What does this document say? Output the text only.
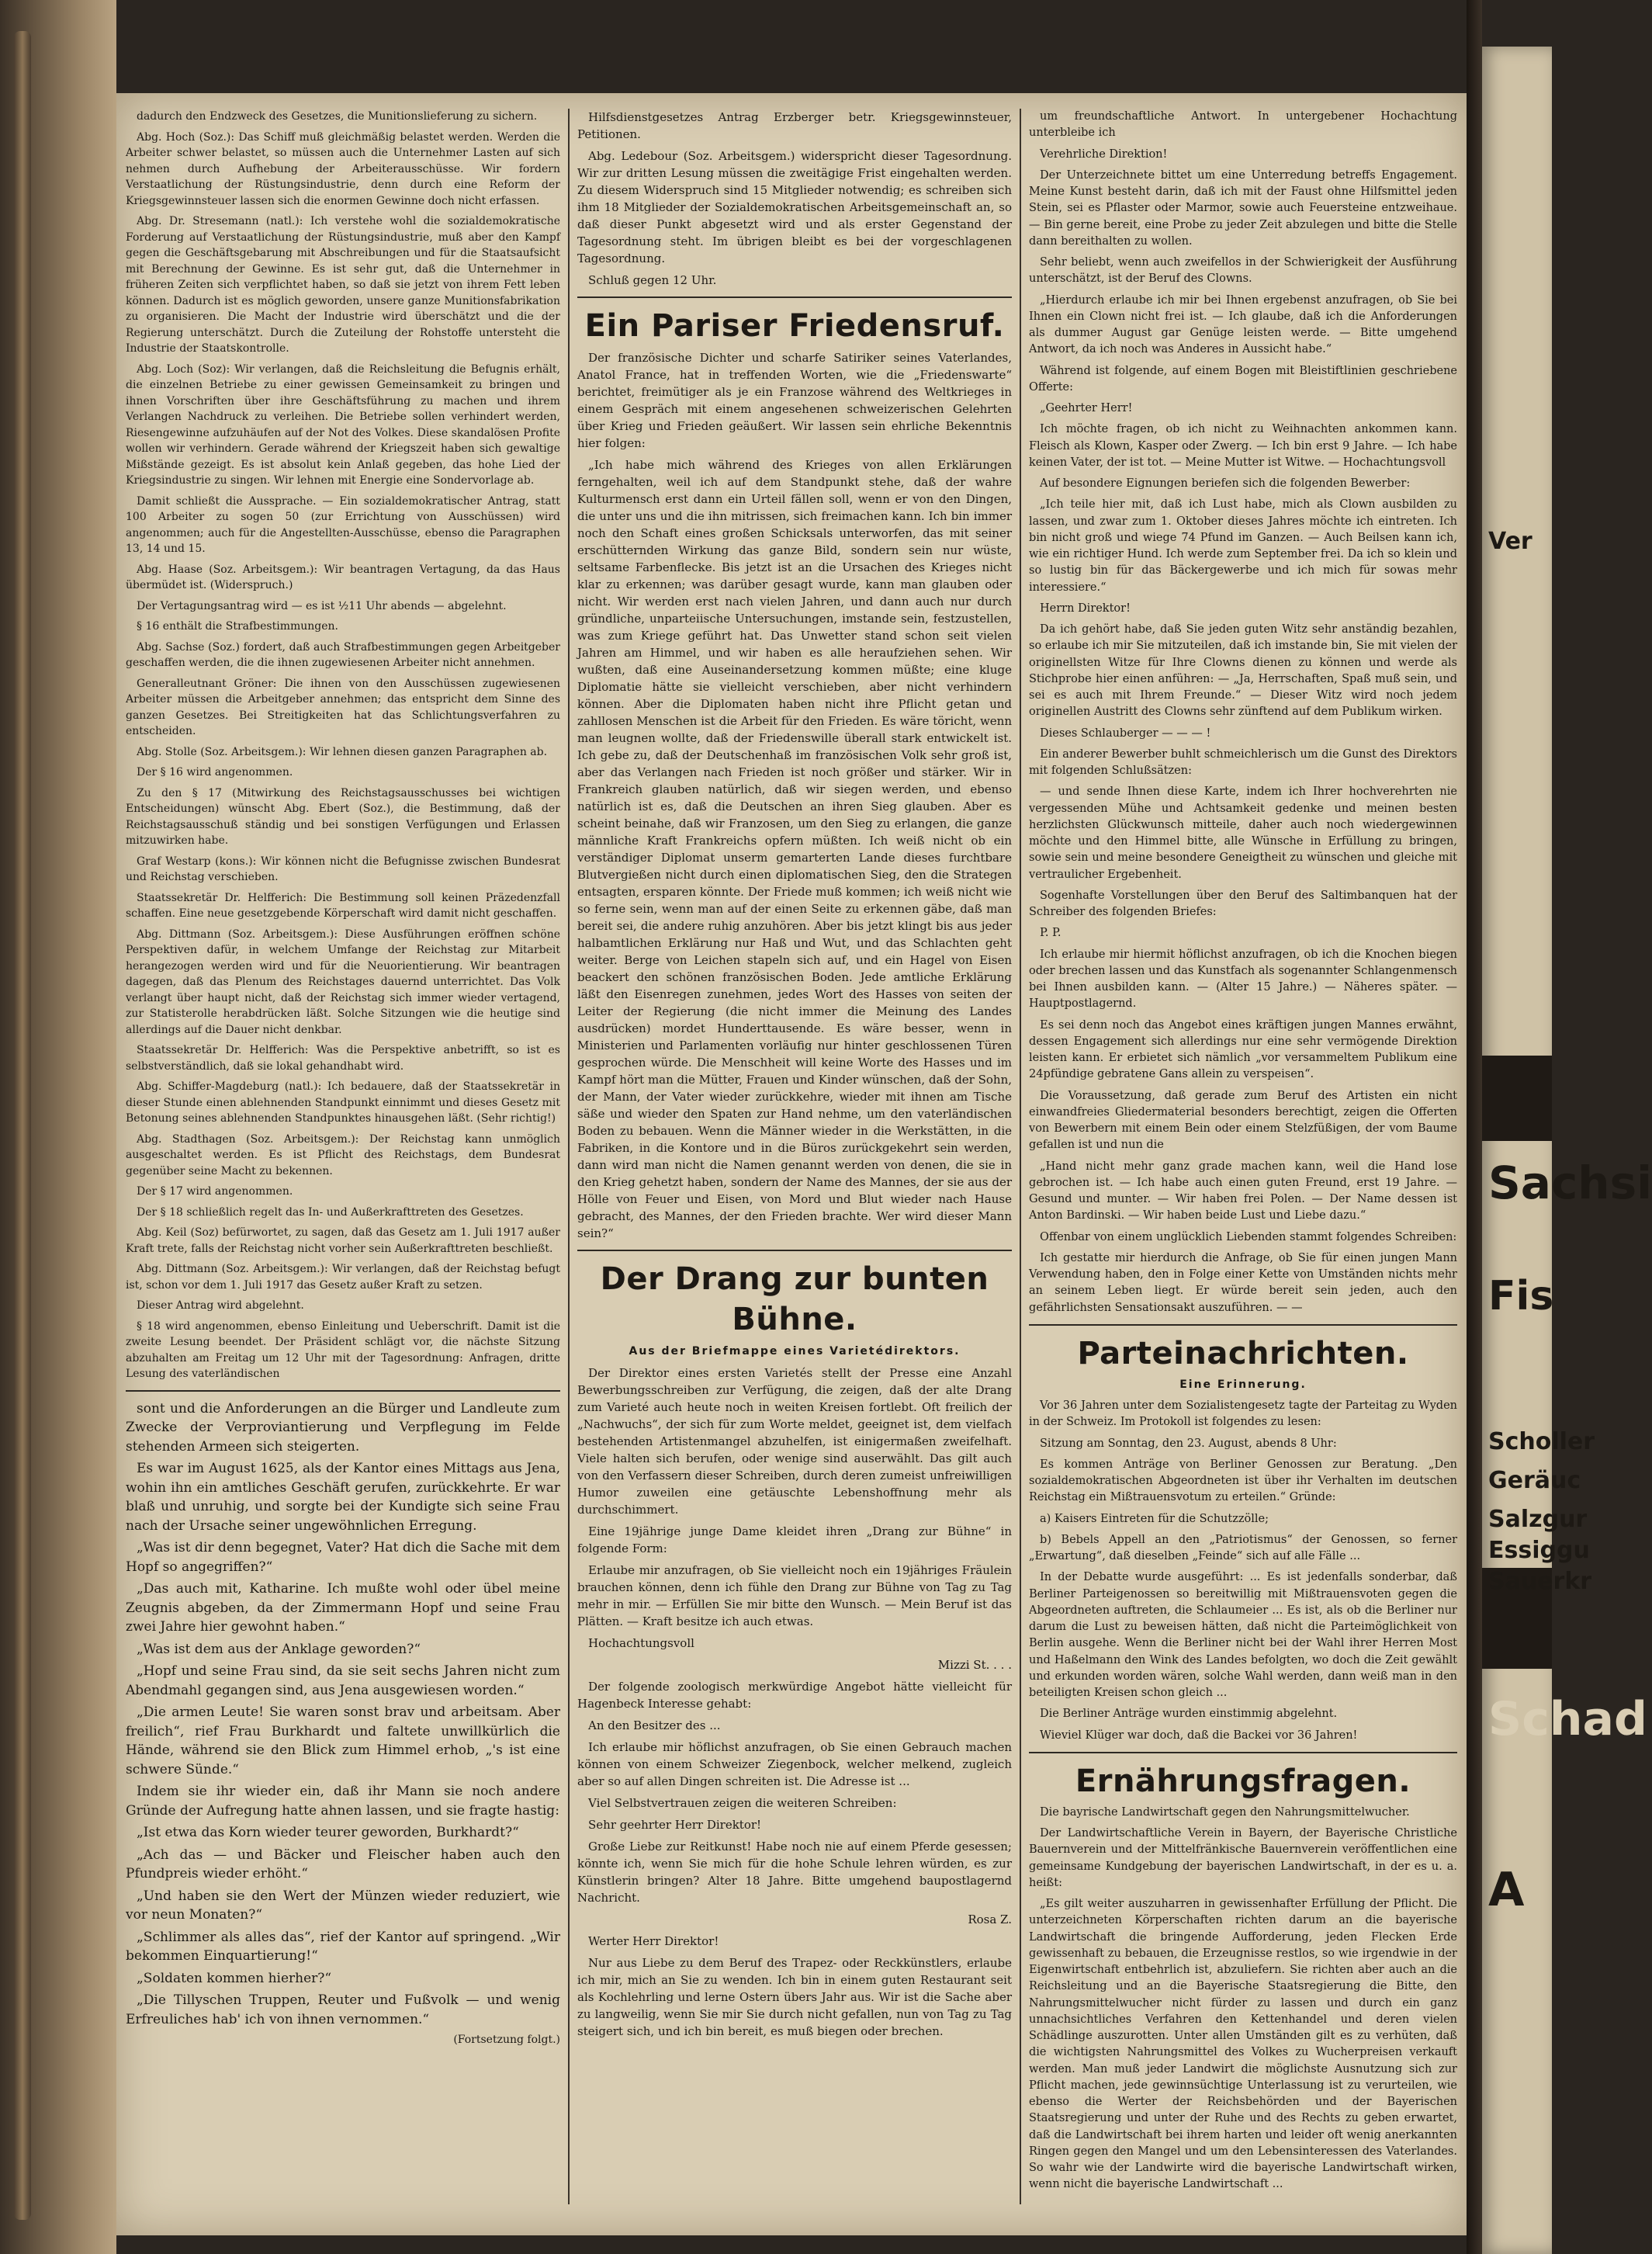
dadurch den Endzweck des Gesetzes, die Munitionslieferung zu sichern.

Abg. Hoch (Soz.): Das Schiff muß gleichmäßig belastet werden. Werden die Arbeiter schwer belastet, so müssen auch die Unternehmer Lasten auf sich nehmen durch Aufhebung der Arbeiterausschüsse. Wir fordern Verstaatlichung der Rüstungsindustrie, denn durch eine Reform der Kriegsgewinnsteuer lassen sich die enormen Gewinne doch nicht erfassen.

Abg. Dr. Stresemann (natl.): Ich verstehe wohl die sozialdemokratische Forderung auf Verstaatlichung der Rüstungsindustrie, muß aber den Kampf gegen die Geschäftsgebarung mit Abschreibungen und für die Staatsaufsicht mit Berechnung der Gewinne. Es ist sehr gut, daß die Unternehmer in früheren Zeiten sich verpflichtet haben, so daß sie jetzt von ihrem Fett leben können. Dadurch ist es möglich geworden, unsere ganze Munitionsfabrikation zu organisieren. Die Macht der Industrie wird überschätzt und die der Regierung unterschätzt. Durch die Zuteilung der Rohstoffe untersteht die Industrie der Staatskontrolle.

Abg. Loch (Soz): Wir verlangen, daß die Reichsleitung die Befugnis erhält, die einzelnen Betriebe zu einer gewissen Gemeinsamkeit zu bringen und ihnen Vorschriften über ihre Geschäftsführung zu machen und ihrem Verlangen Nachdruck zu verleihen. Die Betriebe sollen verhindert werden, Riesengewinne aufzuhäufen auf der Not des Volkes. Diese skandalösen Profite wollen wir verhindern. Gerade während der Kriegszeit haben sich gewaltige Mißstände gezeigt. Es ist absolut kein Anlaß gegeben, das hohe Lied der Kriegsindustrie zu singen. Wir lehnen mit Energie eine Sondervorlage ab.

Damit schließt die Aussprache. — Ein sozialdemokratischer Antrag, statt 100 Arbeiter zu sogen 50 (zur Errichtung von Ausschüssen) wird angenommen; auch für die Angestellten-Ausschüsse, ebenso die Paragraphen 13, 14 und 15.

Abg. Haase (Soz. Arbeitsgem.): Wir beantragen Vertagung, da das Haus übermüdet ist. (Widerspruch.)

Der Vertagungsantrag wird — es ist ½11 Uhr abends — abgelehnt.

§ 16 enthält die Strafbestimmungen.

Abg. Sachse (Soz.) fordert, daß auch Strafbestimmungen gegen Arbeitgeber geschaffen werden, die die ihnen zugewiesenen Arbeiter nicht annehmen.

Generalleutnant Gröner: Die ihnen von den Ausschüssen zugewiesenen Arbeiter müssen die Arbeitgeber annehmen; das entspricht dem Sinne des ganzen Gesetzes. Bei Streitigkeiten hat das Schlichtungsverfahren zu entscheiden.

Abg. Stolle (Soz. Arbeitsgem.): Wir lehnen diesen ganzen Paragraphen ab.

Der § 16 wird angenommen.

Zu den § 17 (Mitwirkung des Reichstagsausschusses bei wichtigen Entscheidungen) wünscht Abg. Ebert (Soz.), die Bestimmung, daß der Reichstagsausschuß ständig und bei sonstigen Verfügungen und Erlassen mitzuwirken habe.

Graf Westarp (kons.): Wir können nicht die Befugnisse zwischen Bundesrat und Reichstag verschieben.

Staatssekretär Dr. Helfferich: Die Bestimmung soll keinen Präzedenzfall schaffen. Eine neue gesetzgebende Körperschaft wird damit nicht geschaffen.

Abg. Dittmann (Soz. Arbeitsgem.): Diese Ausführungen eröffnen schöne Perspektiven dafür, in welchem Umfange der Reichstag zur Mitarbeit herangezogen werden wird und für die Neuorientierung. Wir beantragen dagegen, daß das Plenum des Reichstages dauernd unterrichtet. Das Volk verlangt über haupt nicht, daß der Reichstag sich immer wieder vertagend, zur Statisterolle herabdrücken läßt. Solche Sitzungen wie die heutige sind allerdings auf die Dauer nicht denkbar.

Staatssekretär Dr. Helfferich: Was die Perspektive anbetrifft, so ist es selbstverständlich, daß sie lokal gehandhabt wird.

Abg. Schiffer-Magdeburg (natl.): Ich bedauere, daß der Staatssekretär in dieser Stunde einen ablehnenden Standpunkt einnimmt und dieses Gesetz mit Betonung seines ablehnenden Standpunktes hinausgehen läßt. (Sehr richtig!)

Abg. Stadthagen (Soz. Arbeitsgem.): Der Reichstag kann unmöglich ausgeschaltet werden. Es ist Pflicht des Reichstags, dem Bundesrat gegenüber seine Macht zu bekennen.

Der § 17 wird angenommen.

Der § 18 schließlich regelt das In- und Außerkrafttreten des Gesetzes.

Abg. Keil (Soz) befürwortet, zu sagen, daß das Gesetz am 1. Juli 1917 außer Kraft trete, falls der Reichstag nicht vorher sein Außerkrafttreten beschließt.

Abg. Dittmann (Soz. Arbeitsgem.): Wir verlangen, daß der Reichstag befugt ist, schon vor dem 1. Juli 1917 das Gesetz außer Kraft zu setzen.

Dieser Antrag wird abgelehnt.

§ 18 wird angenommen, ebenso Einleitung und Ueberschrift. Damit ist die zweite Lesung beendet. Der Präsident schlägt vor, die nächste Sitzung abzuhalten am Freitag um 12 Uhr mit der Tagesordnung: Anfragen, dritte Lesung des vaterländischen

sont und die Anforderungen an die Bürger und Landleute zum Zwecke der Verproviantierung und Verpflegung im Felde stehenden Armeen sich steigerten.

Es war im August 1625, als der Kantor eines Mittags aus Jena, wohin ihn ein amtliches Geschäft gerufen, zurückkehrte. Er war blaß und unruhig, und sorgte bei der Kundigte sich seine Frau nach der Ursache seiner ungewöhnlichen Erregung.

„Was ist dir denn begegnet, Vater? Hat dich die Sache mit dem Hopf so angegriffen?“

„Das auch mit, Katharine. Ich mußte wohl oder übel meine Zeugnis abgeben, da der Zimmermann Hopf und seine Frau zwei Jahre hier gewohnt haben.“

„Was ist dem aus der Anklage geworden?“

„Hopf und seine Frau sind, da sie seit sechs Jahren nicht zum Abendmahl gegangen sind, aus Jena ausgewiesen worden.“

„Die armen Leute! Sie waren sonst brav und arbeitsam. Aber freilich“, rief Frau Burkhardt und faltete unwillkürlich die Hände, während sie den Blick zum Himmel erhob, „'s ist eine schwere Sünde.“

Indem sie ihr wieder ein, daß ihr Mann sie noch andere Gründe der Aufregung hatte ahnen lassen, und sie fragte hastig:

„Ist etwa das Korn wieder teurer geworden, Burkhardt?“

„Ach das — und Bäcker und Fleischer haben auch den Pfundpreis wieder erhöht.“

„Und haben sie den Wert der Münzen wieder reduziert, wie vor neun Monaten?“

„Schlimmer als alles das“, rief der Kantor auf springend. „Wir bekommen Einquartierung!“

„Soldaten kommen hierher?“

„Die Tillyschen Truppen, Reuter und Fußvolk — und wenig Erfreuliches hab' ich von ihnen vernommen.“

(Fortsetzung folgt.)

Hilfsdienstgesetzes Antrag Erzberger betr. Kriegsgewinnsteuer, Petitionen.

Abg. Ledebour (Soz. Arbeitsgem.) widerspricht dieser Tagesordnung. Wir zur dritten Lesung müssen die zweitägige Frist eingehalten werden. Zu diesem Widerspruch sind 15 Mitglieder notwendig; es schreiben sich ihm 18 Mitglieder der Sozialdemokratischen Arbeitsgemeinschaft an, so daß dieser Punkt abgesetzt wird und als erster Gegenstand der Tagesordnung steht. Im übrigen bleibt es bei der vorgeschlagenen Tagesordnung.

Schluß gegen 12 Uhr.

Ein Pariser Friedensruf.

Der französische Dichter und scharfe Satiriker seines Vaterlandes, Anatol France, hat in treffenden Worten, wie die „Friedenswarte“ berichtet, freimütiger als je ein Franzose während des Weltkrieges in einem Gespräch mit einem angesehenen schweizerischen Gelehrten über Krieg und Frieden geäußert. Wir lassen sein ehrliche Bekenntnis hier folgen:

„Ich habe mich während des Krieges von allen Erklärungen ferngehalten, weil ich auf dem Standpunkt stehe, daß der wahre Kulturmensch erst dann ein Urteil fällen soll, wenn er von den Dingen, die unter uns und die ihn mitrissen, sich freimachen kann. Ich bin immer noch den Schaft eines großen Schicksals unterworfen, das mit seiner erschütternden Wirkung das ganze Bild, sondern sein nur wüste, seltsame Farbenflecke. Bis jetzt ist an die Ursachen des Krieges nicht klar zu erkennen; was darüber gesagt wurde, kann man glauben oder nicht. Wir werden erst nach vielen Jahren, und dann auch nur durch gründliche, unparteiische Untersuchungen, imstande sein, festzustellen, was zum Kriege geführt hat. Das Unwetter stand schon seit vielen Jahren am Himmel, und wir haben es alle heraufziehen sehen. Wir wußten, daß eine Auseinandersetzung kommen müßte; eine kluge Diplomatie hätte sie vielleicht verschieben, aber nicht verhindern können. Aber die Diplomaten haben nicht ihre Pflicht getan und zahllosen Menschen ist die Arbeit für den Frieden. Es wäre töricht, wenn man leugnen wollte, daß der Friedenswille überall stark entwickelt ist. Ich gebe zu, daß der Deutschenhaß im französischen Volk sehr groß ist, aber das Verlangen nach Frieden ist noch größer und stärker. Wir in Frankreich glauben natürlich, daß wir siegen werden, und ebenso natürlich ist es, daß die Deutschen an ihren Sieg glauben. Aber es scheint beinahe, daß wir Franzosen, um den Sieg zu erlangen, die ganze männliche Kraft Frankreichs opfern müßten. Ich weiß nicht ob ein verständiger Diplomat unserm gemarterten Lande dieses furchtbare Blutvergießen nicht durch einen diplomatischen Sieg, den die Strategen entsagten, ersparen könnte. Der Friede muß kommen; ich weiß nicht wie so ferne sein, wenn man auf der einen Seite zu erkennen gäbe, daß man bereit sei, die andere ruhig anzuhören. Aber bis jetzt klingt bis aus jeder halbamtlichen Erklärung nur Haß und Wut, und das Schlachten geht weiter. Berge von Leichen stapeln sich auf, und ein Hagel von Eisen beackert den schönen französischen Boden. Jede amtliche Erklärung läßt den Eisenregen zunehmen, jedes Wort des Hasses von seiten der Leiter der Regierung (die nicht immer die Meinung des Landes ausdrücken) mordet Hunderttausende. Es wäre besser, wenn in Ministerien und Parlamenten vorläufig nur hinter geschlossenen Türen gesprochen würde. Die Menschheit will keine Worte des Hasses und im Kampf hört man die Mütter, Frauen und Kinder wünschen, daß der Sohn, der Mann, der Vater wieder zurückkehre, wieder mit ihnen am Tische säße und wieder den Spaten zur Hand nehme, um den vaterländischen Boden zu bebauen. Wenn die Männer wieder in die Werkstätten, in die Fabriken, in die Kontore und in die Büros zurückgekehrt sein werden, dann wird man nicht die Namen genannt werden von denen, die sie in den Krieg gehetzt haben, sondern der Name des Mannes, der sie aus der Hölle von Feuer und Eisen, von Mord und Blut wieder nach Hause gebracht, des Mannes, der den Frieden brachte. Wer wird dieser Mann sein?“

Der Drang zur bunten Bühne.
Aus der Briefmappe eines Varietédirektors.

Der Direktor eines ersten Varietés stellt der Presse eine Anzahl Bewerbungsschreiben zur Verfügung, die zeigen, daß der alte Drang zum Varieté auch heute noch in weiten Kreisen fortlebt. Oft freilich der „Nachwuchs“, der sich für zum Worte meldet, geeignet ist, dem vielfach bestehenden Artistenmangel abzuhelfen, ist einigermaßen zweifelhaft. Viele halten sich berufen, oder wenige sind auserwählt. Das gilt auch von den Verfassern dieser Schreiben, durch deren zumeist unfreiwilligen Humor zuweilen eine getäuschte Lebenshoffnung mehr als durchschimmert.

Eine 19jährige junge Dame kleidet ihren „Drang zur Bühne“ in folgende Form:

Erlaube mir anzufragen, ob Sie vielleicht noch ein 19jähriges Fräulein brauchen können, denn ich fühle den Drang zur Bühne von Tag zu Tag mehr in mir. — Erfüllen Sie mir bitte den Wunsch. — Mein Beruf ist das Plätten. — Kraft besitze ich auch etwas.

Hochachtungsvoll

Mizzi St. . . .

Der folgende zoologisch merkwürdige Angebot hätte vielleicht für Hagenbeck Interesse gehabt:

An den Besitzer des ...

Ich erlaube mir höflichst anzufragen, ob Sie einen Gebrauch machen können von einem Schweizer Ziegenbock, welcher melkend, zugleich aber so auf allen Dingen schreiten ist. Die Adresse ist ...

Viel Selbstvertrauen zeigen die weiteren Schreiben:

Sehr geehrter Herr Direktor!

Große Liebe zur Reitkunst! Habe noch nie auf einem Pferde gesessen; könnte ich, wenn Sie mich für die hohe Schule lehren würden, es zur Künstlerin bringen? Alter 18 Jahre. Bitte umgehend baupostlagernd Nachricht.

Rosa Z.

Werter Herr Direktor!

Nur aus Liebe zu dem Beruf des Trapez- oder Reckkünstlers, erlaube ich mir, mich an Sie zu wenden. Ich bin in einem guten Restaurant seit als Kochlehrling und lerne Ostern übers Jahr aus. Wir ist die Sache aber zu langweilig, wenn Sie mir Sie durch nicht gefallen, nun von Tag zu Tag steigert sich, und ich bin bereit, es muß biegen oder brechen.

um freundschaftliche Antwort. In untergebener Hochachtung unterbleibe ich

Verehrliche Direktion!

Der Unterzeichnete bittet um eine Unterredung betreffs Engagement. Meine Kunst besteht darin, daß ich mit der Faust ohne Hilfsmittel jeden Stein, sei es Pflaster oder Marmor, sowie auch Feuersteine entzweihaue. — Bin gerne bereit, eine Probe zu jeder Zeit abzulegen und bitte die Stelle dann bereithalten zu wollen.

Sehr beliebt, wenn auch zweifellos in der Schwierigkeit der Ausführung unterschätzt, ist der Beruf des Clowns.

„Hierdurch erlaube ich mir bei Ihnen ergebenst anzufragen, ob Sie bei Ihnen ein Clown nicht frei ist. — Ich glaube, daß ich die Anforderungen als dummer August gar Genüge leisten werde. — Bitte umgehend Antwort, da ich noch was Anderes in Aussicht habe.“

Während ist folgende, auf einem Bogen mit Bleistiftlinien geschriebene Offerte:

„Geehrter Herr!

Ich möchte fragen, ob ich nicht zu Weihnachten ankommen kann. Fleisch als Klown, Kasper oder Zwerg. — Ich bin erst 9 Jahre. — Ich habe keinen Vater, der ist tot. — Meine Mutter ist Witwe. — Hochachtungsvoll

Auf besondere Eignungen beriefen sich die folgenden Bewerber:

„Ich teile hier mit, daß ich Lust habe, mich als Clown ausbilden zu lassen, und zwar zum 1. Oktober dieses Jahres möchte ich eintreten. Ich bin nicht groß und wiege 74 Pfund im Ganzen. — Auch Beilsen kann ich, wie ein richtiger Hund. Ich werde zum September frei. Da ich so klein und so lustig bin für das Bäckergewerbe und ich mich für sowas mehr interessiere.“

Herrn Direktor!

Da ich gehört habe, daß Sie jeden guten Witz sehr anständig bezahlen, so erlaube ich mir Sie mitzuteilen, daß ich imstande bin, Sie mit vielen der originellsten Witze für Ihre Clowns dienen zu können und werde als Stichprobe hier einen anführen: — „Ja, Herrschaften, Spaß muß sein, und sei es auch mit Ihrem Freunde.“ — Dieser Witz wird noch jedem originellen Austritt des Clowns sehr zünftend auf dem Publikum wirken.

Dieses Schlauberger — — — !

Ein anderer Bewerber buhlt schmeichlerisch um die Gunst des Direktors mit folgenden Schlußsätzen:

— und sende Ihnen diese Karte, indem ich Ihrer hochverehrten nie vergessenden Mühe und Achtsamkeit gedenke und meinen besten herzlichsten Glückwunsch mitteile, daher auch noch wiedergewinnen möchte und den Himmel bitte, alle Wünsche in Erfüllung zu bringen, sowie sein und meine besondere Geneigtheit zu wünschen und gleiche mit vertraulicher Ergebenheit.

Sogenhafte Vorstellungen über den Beruf des Saltimbanquen hat der Schreiber des folgenden Briefes:

P. P.

Ich erlaube mir hiermit höflichst anzufragen, ob ich die Knochen biegen oder brechen lassen und das Kunstfach als sogenannter Schlangenmensch bei Ihnen ausbilden kann. — (Alter 15 Jahre.) — Näheres später. — Hauptpostlagernd.

Es sei denn noch das Angebot eines kräftigen jungen Mannes erwähnt, dessen Engagement sich allerdings nur eine sehr vermögende Direktion leisten kann. Er erbietet sich nämlich „vor versammeltem Publikum eine 24pfündige gebratene Gans allein zu verspeisen“.

Die Voraussetzung, daß gerade zum Beruf des Artisten ein nicht einwandfreies Gliedermaterial besonders berechtigt, zeigen die Offerten von Bewerbern mit einem Bein oder einem Stelzfüßigen, der vom Baume gefallen ist und nun die

„Hand nicht mehr ganz grade machen kann, weil die Hand lose gebrochen ist. — Ich habe auch einen guten Freund, erst 19 Jahre. — Gesund und munter. — Wir haben frei Polen. — Der Name dessen ist Anton Bardinski. — Wir haben beide Lust und Liebe dazu.“

Offenbar von einem unglücklich Liebenden stammt folgendes Schreiben:

Ich gestatte mir hierdurch die Anfrage, ob Sie für einen jungen Mann Verwendung haben, den in Folge einer Kette von Umständen nichts mehr an seinem Leben liegt. Er würde bereit sein jeden, auch den gefährlichsten Sensationsakt auszuführen. — —

Parteinachrichten.
Eine Erinnerung.

Vor 36 Jahren unter dem Sozialistengesetz tagte der Parteitag zu Wyden in der Schweiz. Im Protokoll ist folgendes zu lesen:

Sitzung am Sonntag, den 23. August, abends 8 Uhr:

Es kommen Anträge von Berliner Genossen zur Beratung. „Den sozialdemokratischen Abgeordneten ist über ihr Verhalten im deutschen Reichstag ein Mißtrauensvotum zu erteilen.“ Gründe:

a) Kaisers Eintreten für die Schutzzölle;

b) Bebels Appell an den „Patriotismus“ der Genossen, so ferner „Erwartung“, daß dieselben „Feinde“ sich auf alle Fälle ...

In der Debatte wurde ausgeführt: ... Es ist jedenfalls sonderbar, daß Berliner Parteigenossen so bereitwillig mit Mißtrauensvoten gegen die Abgeordneten auftreten, die Schlaumeier ... Es ist, als ob die Berliner nur darum die Lust zu beweisen hätten, daß nicht die Parteimöglichkeit von Berlin ausgehe. Wenn die Berliner nicht bei der Wahl ihrer Herren Most und Haßelmann den Wink des Landes befolgten, wo doch die Zeit gewählt und erkunden worden wären, solche Wahl werden, dann weiß man in den beteiligten Kreisen schon gleich ...

Die Berliner Anträge wurden einstimmig abgelehnt.

Wieviel Klüger war doch, daß die Backei vor 36 Jahren!

Ernährungsfragen.

Die bayrische Landwirtschaft gegen den Nahrungsmittelwucher.

Der Landwirtschaftliche Verein in Bayern, der Bayerische Christliche Bauernverein und der Mittelfränkische Bauernverein veröffentlichen eine gemeinsame Kundgebung der bayerischen Landwirtschaft, in der es u. a. heißt:

„Es gilt weiter auszuharren in gewissenhafter Erfüllung der Pflicht. Die unterzeichneten Körperschaften richten darum an die bayerische Landwirtschaft die bringende Aufforderung, jeden Flecken Erde gewissenhaft zu bebauen, die Erzeugnisse restlos, so wie irgendwie in der Eigenwirtschaft entbehrlich ist, abzuliefern. Sie richten aber auch an die Reichsleitung und an die Bayerische Staatsregierung die Bitte, den Nahrungsmittelwucher nicht fürder zu lassen und durch ein ganz unnachsichtliches Verfahren den Kettenhandel und deren vielen Schädlinge auszurotten. Unter allen Umständen gilt es zu verhüten, daß die wichtigsten Nahrungsmittel des Volkes zu Wucherpreisen verkauft werden. Man muß jeder Landwirt die möglichste Ausnutzung sich zur Pflicht machen, jede gewinnsüchtige Unterlassung ist zu verurteilen, wie ebenso die Werter der Reichsbehörden und der Bayerischen Staatsregierung und unter der Ruhe und des Rechts zu geben erwartet, daß die Landwirtschaft bei ihrem harten und leider oft wenig anerkannten Ringen gegen den Mangel und um den Lebensinteressen des Vaterlandes. So wahr wie der Landwirte wird die bayerische Landwirtschaft wirken, wenn nicht die bayerische Landwirtschaft ...

Ver
Sachsi
Fis
Scholler
Geräuc
Salzgur
Essiggu
Sauerkr
Schad
A
